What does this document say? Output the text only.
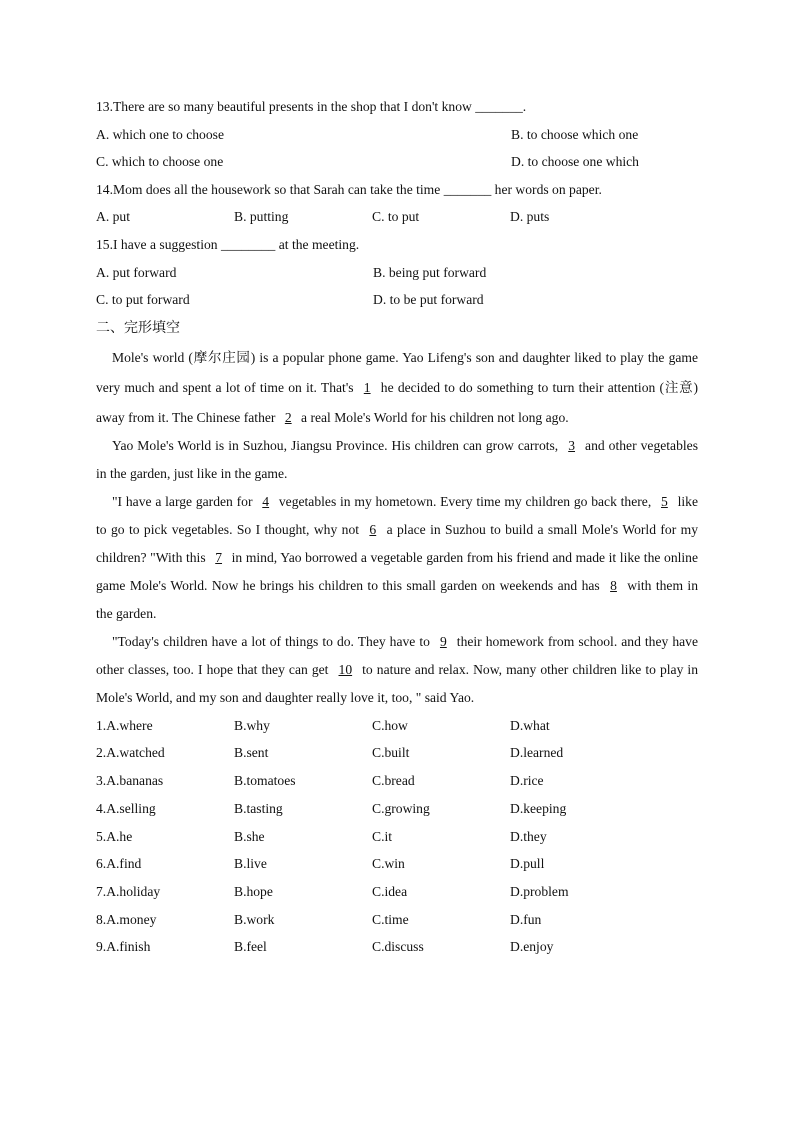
13.There are so many beautiful presents in the shop that I don't know _______.
A. which one to choose	B. to choose which one
C. which to choose one	D. to choose one which
14.Mom does all the housework so that Sarah can take the time _______ her words on paper.
A. put	B. putting	C. to put	D. puts
15.I have a suggestion ________ at the meeting.
A. put forward	B. being put forward
C. to put forward	D. to be put forward
二、完形填空

Mole's world (摩尔庄园) is a popular phone game. Yao Lifeng's son and daughter liked to play the game very much and spent a lot of time on it. That's 1 he decided to do something to turn their attention (注意) away from it. The Chinese father 2 a real Mole's World for his children not long ago.

Yao Mole's World is in Suzhou, Jiangsu Province. His children can grow carrots, 3 and other vegetables in the garden, just like in the game.

"I have a large garden for 4 vegetables in my hometown. Every time my children go back there, 5 like to go to pick vegetables. So I thought, why not 6 a place in Suzhou to build a small Mole's World for my children? "With this 7 in mind, Yao borrowed a vegetable garden from his friend and made it like the online game Mole's World. Now he brings his children to this small garden on weekends and has 8 with them in the garden.

"Today's children have a lot of things to do. They have to 9 their homework from school. and they have other classes, too. I hope that they can get 10 to nature and relax. Now, many other children like to play in Mole's World, and my son and daughter really love it, too, " said Yao.

1.A.where	B.why	C.how	D.what
2.A.watched	B.sent	C.built	D.learned
3.A.bananas	B.tomatoes	C.bread	D.rice
4.A.selling	B.tasting	C.growing	D.keeping
5.A.he	B.she	C.it	D.they
6.A.find	B.live	C.win	D.pull
7.A.holiday	B.hope	C.idea	D.problem
8.A.money	B.work	C.time	D.fun
9.A.finish	B.feel	C.discuss	D.enjoy
